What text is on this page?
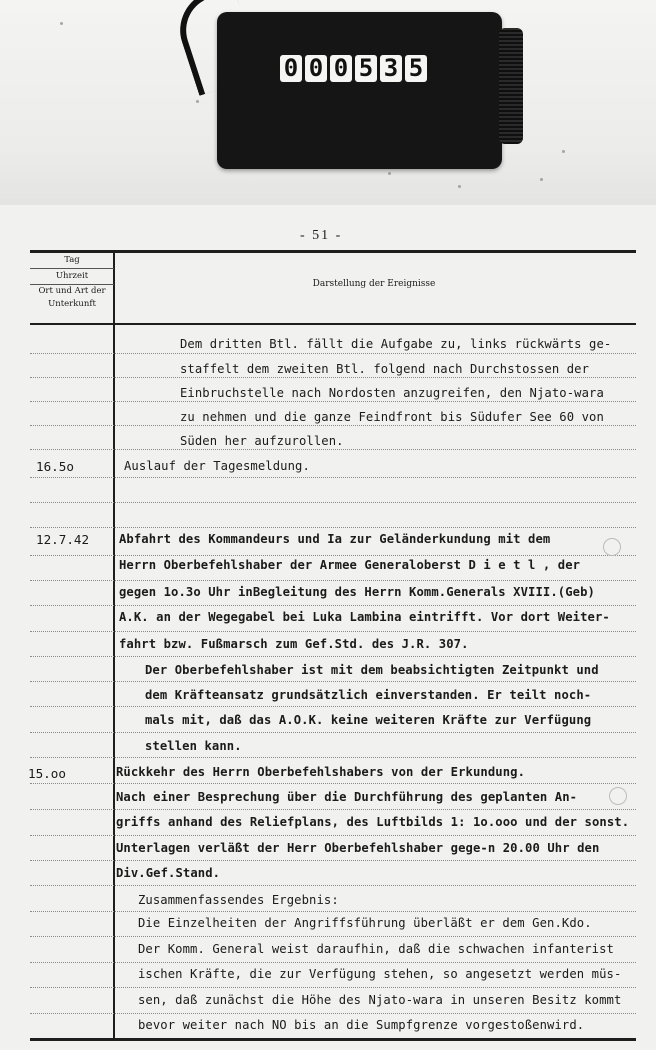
0 0 0 5 3 5
- 51 -
Tag
Uhrzeit
Ort und Art der Unterkunft
Darstellung der Ereignisse
Dem dritten Btl. fällt die Aufgabe zu, links rückwärts ge-
staffelt dem zweiten Btl. folgend nach Durchstossen der
Einbruchstelle nach Nordosten anzugreifen, den Njato-wara
zu nehmen und die ganze Feindfront bis Südufer See 60 von
Süden her aufzurollen.
16.5o	Auslauf der Tagesmeldung.
12.7.42 Abfahrt des Kommandeurs und Ia zur Geländerkundung mit dem
Herrn Oberbefehlshaber der Armee Generaloberst D i e t l , der
gegen 1o.3o Uhr inBegleitung des Herrn Komm.Generals XVIII.(Geb)
A.K. an der Wegegabel bei Luka Lambina eintrifft. Vor dort Weiter-
fahrt bzw. Fußmarsch zum Gef.Std. des J.R. 307.
Der Oberbefehlshaber ist mit dem beabsichtigten Zeitpunkt und
dem Kräfteansatz grundsätzlich einverstanden. Er teilt noch-
mals mit, daß das A.O.K. keine weiteren Kräfte zur Verfügung
stellen kann.
15.oo	Rückkehr des Herrn Oberbefehlshabers von der Erkundung.
Nach einer Besprechung über die Durchführung des geplanten An-
griffs anhand des Reliefplans, des Luftbilds 1: 1o.ooo und der sonst.
Unterlagen verläßt der Herr Oberbefehlshaber gege-n 20.00 Uhr den
Div.Gef.Stand.
Zusammenfassendes Ergebnis:
Die Einzelheiten der Angriffsführung überläßt er dem Gen.Kdo.
Der Komm. General weist daraufhin, daß die schwachen infanterist
ischen Kräfte, die zur Verfügung stehen, so angesetzt werden müs-
sen, daß zunächst die Höhe des Njato-wara in unseren Besitz kommt
bevor weiter nach NO bis an die Sumpfgrenze vorgestoßenwird.
